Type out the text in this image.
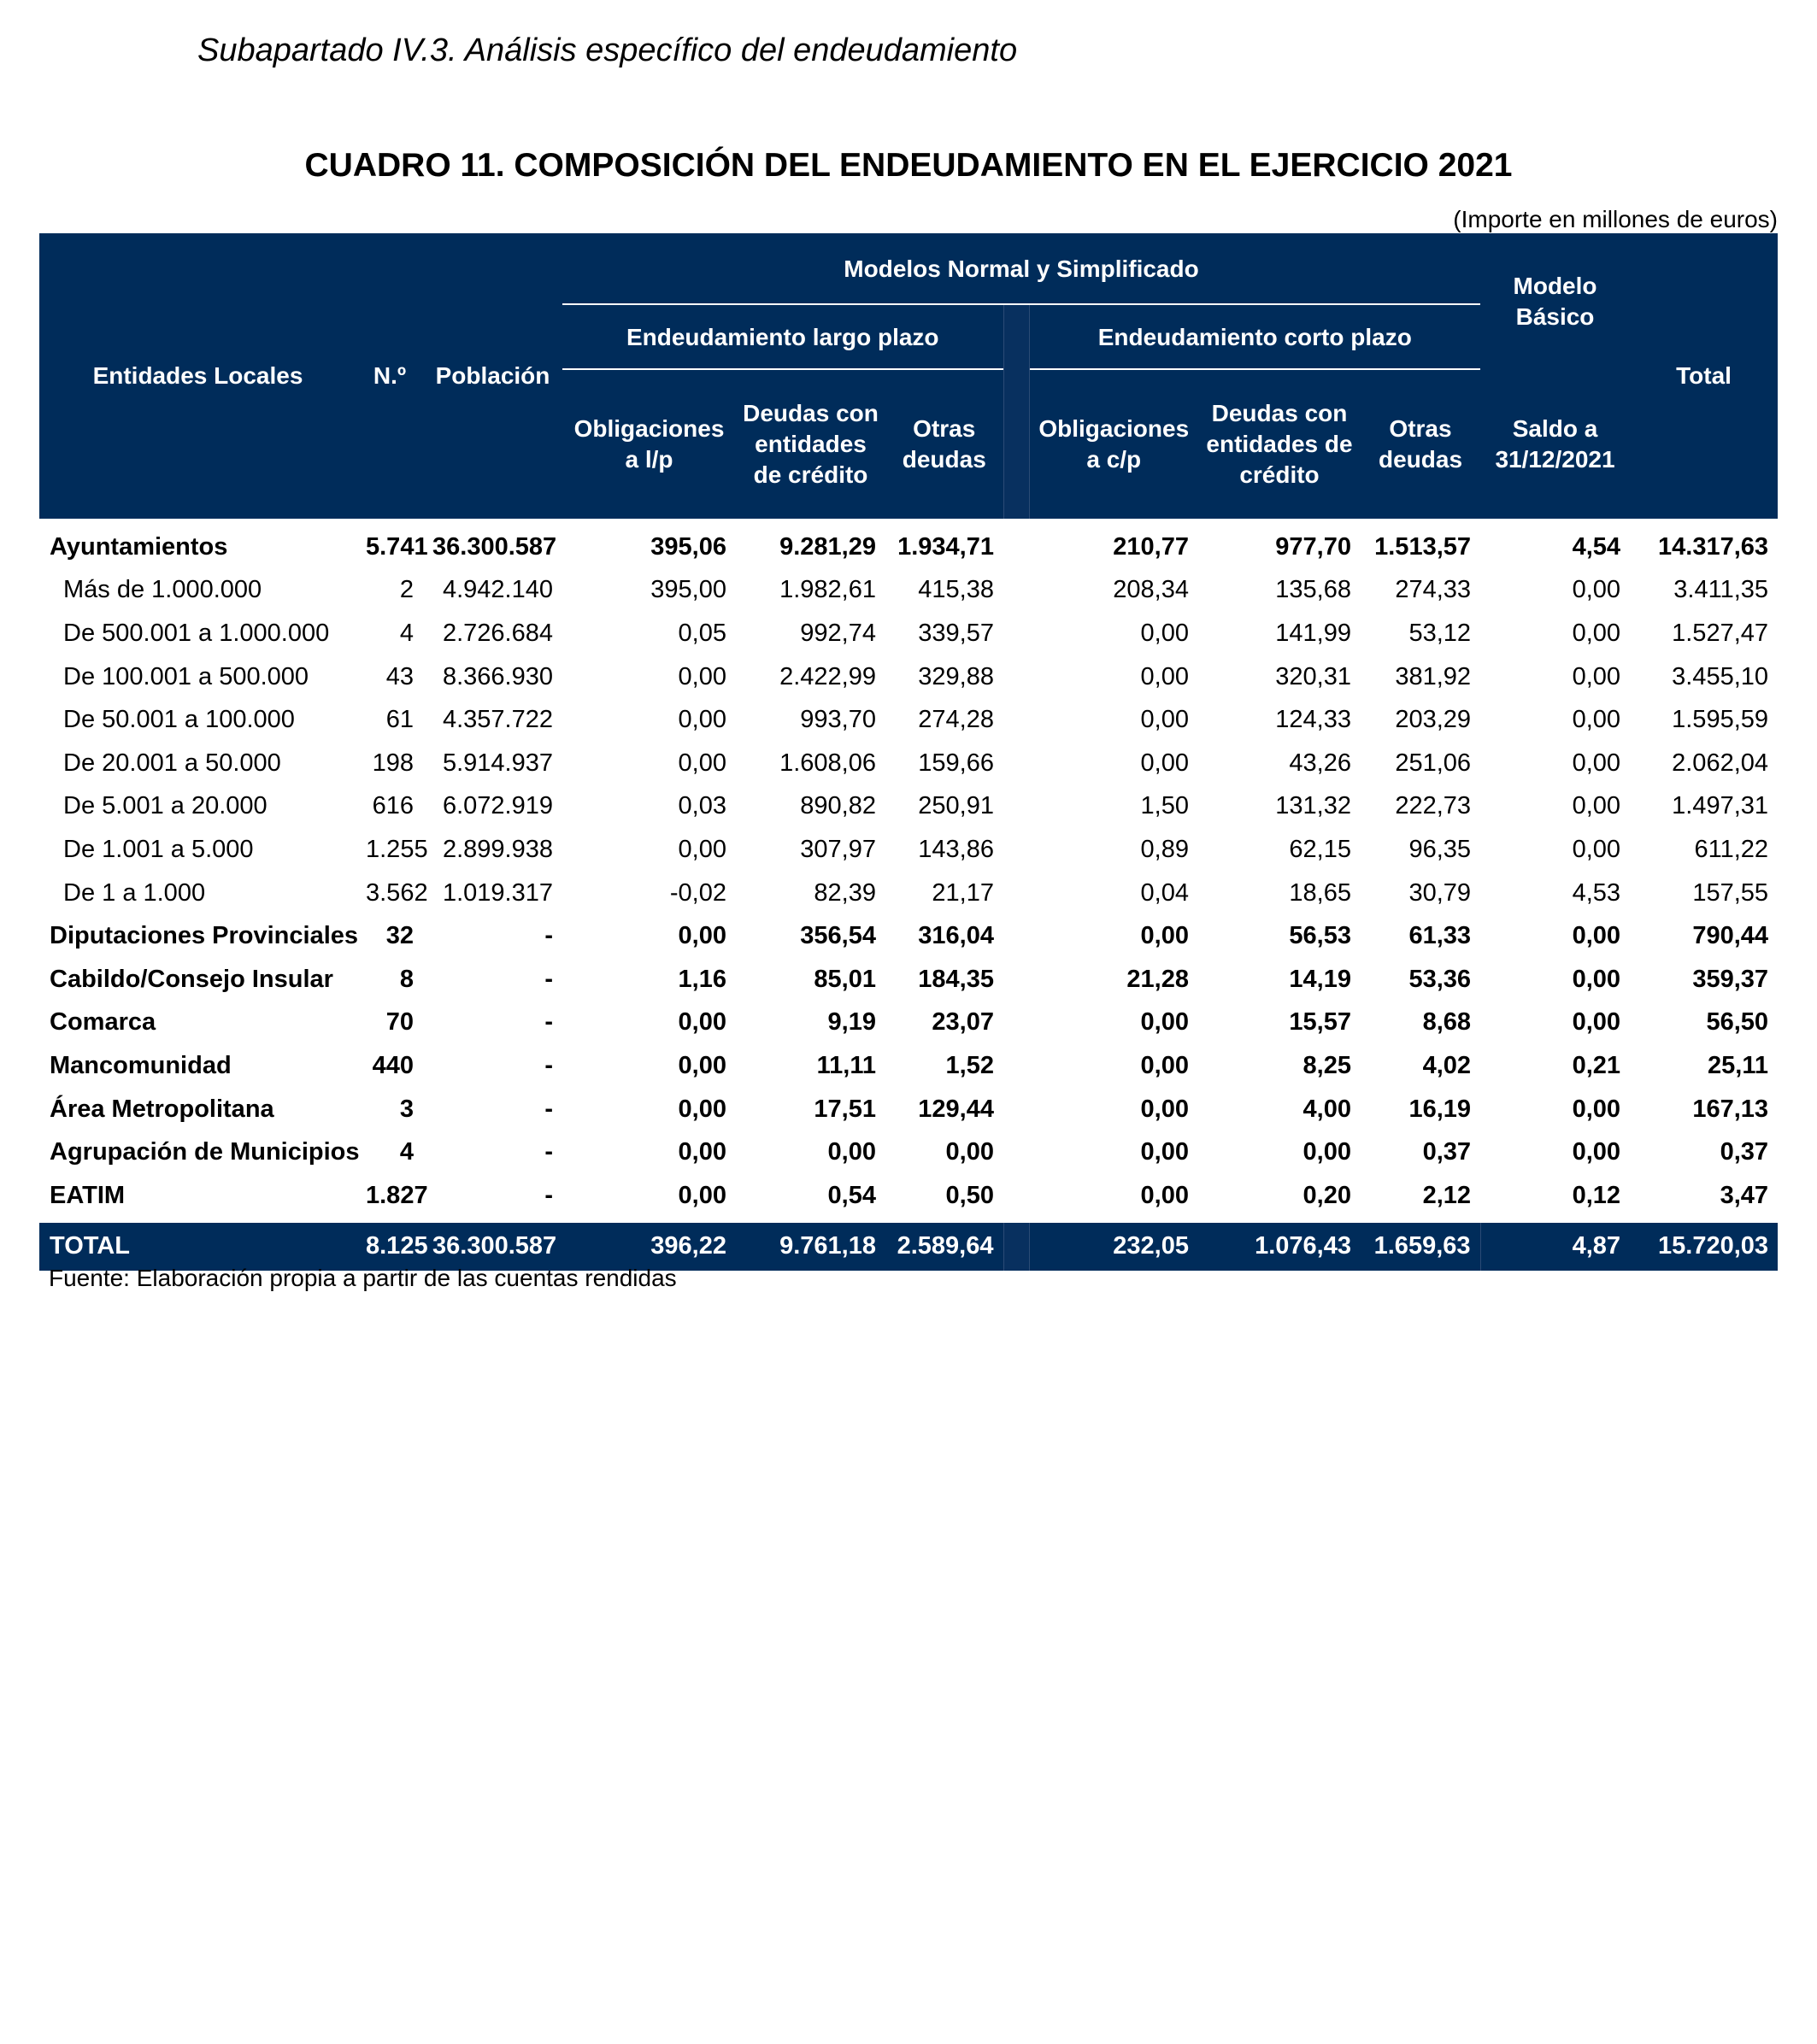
Subapartado IV.3. Análisis específico del endeudamiento
CUADRO 11. COMPOSICIÓN DEL ENDEUDAMIENTO EN EL EJERCICIO 2021
(Importe en millones de euros)
Entidades Locales	N.º	Población	Modelos Normal y Simplificado							Modelo Básico	Total
			Endeudamiento largo plazo				Endeudamiento corto plazo				
			Obligaciones a l/p	Deudas con entidades de crédito	Otras deudas		Obligaciones a c/p	Deudas con entidades de crédito	Otras deudas	Saldo a 31/12/2021	
Ayuntamientos	5.741	36.300.587	395,06	9.281,29	1.934,71		210,77	977,70	1.513,57	4,54	14.317,63
Más de 1.000.000	2	4.942.140	395,00	1.982,61	415,38		208,34	135,68	274,33	0,00	3.411,35
De 500.001 a 1.000.000	4	2.726.684	0,05	992,74	339,57		0,00	141,99	53,12	0,00	1.527,47
De 100.001 a 500.000	43	8.366.930	0,00	2.422,99	329,88		0,00	320,31	381,92	0,00	3.455,10
De 50.001 a 100.000	61	4.357.722	0,00	993,70	274,28		0,00	124,33	203,29	0,00	1.595,59
De 20.001 a 50.000	198	5.914.937	0,00	1.608,06	159,66		0,00	43,26	251,06	0,00	2.062,04
De 5.001 a 20.000	616	6.072.919	0,03	890,82	250,91		1,50	131,32	222,73	0,00	1.497,31
De 1.001 a 5.000	1.255	2.899.938	0,00	307,97	143,86		0,89	62,15	96,35	0,00	611,22
De 1 a 1.000	3.562	1.019.317	-0,02	82,39	21,17		0,04	18,65	30,79	4,53	157,55
Diputaciones Provinciales	32	-	0,00	356,54	316,04		0,00	56,53	61,33	0,00	790,44
Cabildo/Consejo Insular	8	-	1,16	85,01	184,35		21,28	14,19	53,36	0,00	359,37
Comarca	70	-	0,00	9,19	23,07		0,00	15,57	8,68	0,00	56,50
Mancomunidad	440	-	0,00	11,11	1,52		0,00	8,25	4,02	0,21	25,11
Área Metropolitana	3	-	0,00	17,51	129,44		0,00	4,00	16,19	0,00	167,13
Agrupación de Municipios	4	-	0,00	0,00	0,00		0,00	0,00	0,37	0,00	0,37
EATIM	1.827	-	0,00	0,54	0,50		0,00	0,20	2,12	0,12	3,47

TOTAL	8.125	36.300.587	396,22	9.761,18	2.589,64		232,05	1.076,43	1.659,63	4,87	15.720,03
Fuente: Elaboración propia a partir de las cuentas rendidas
